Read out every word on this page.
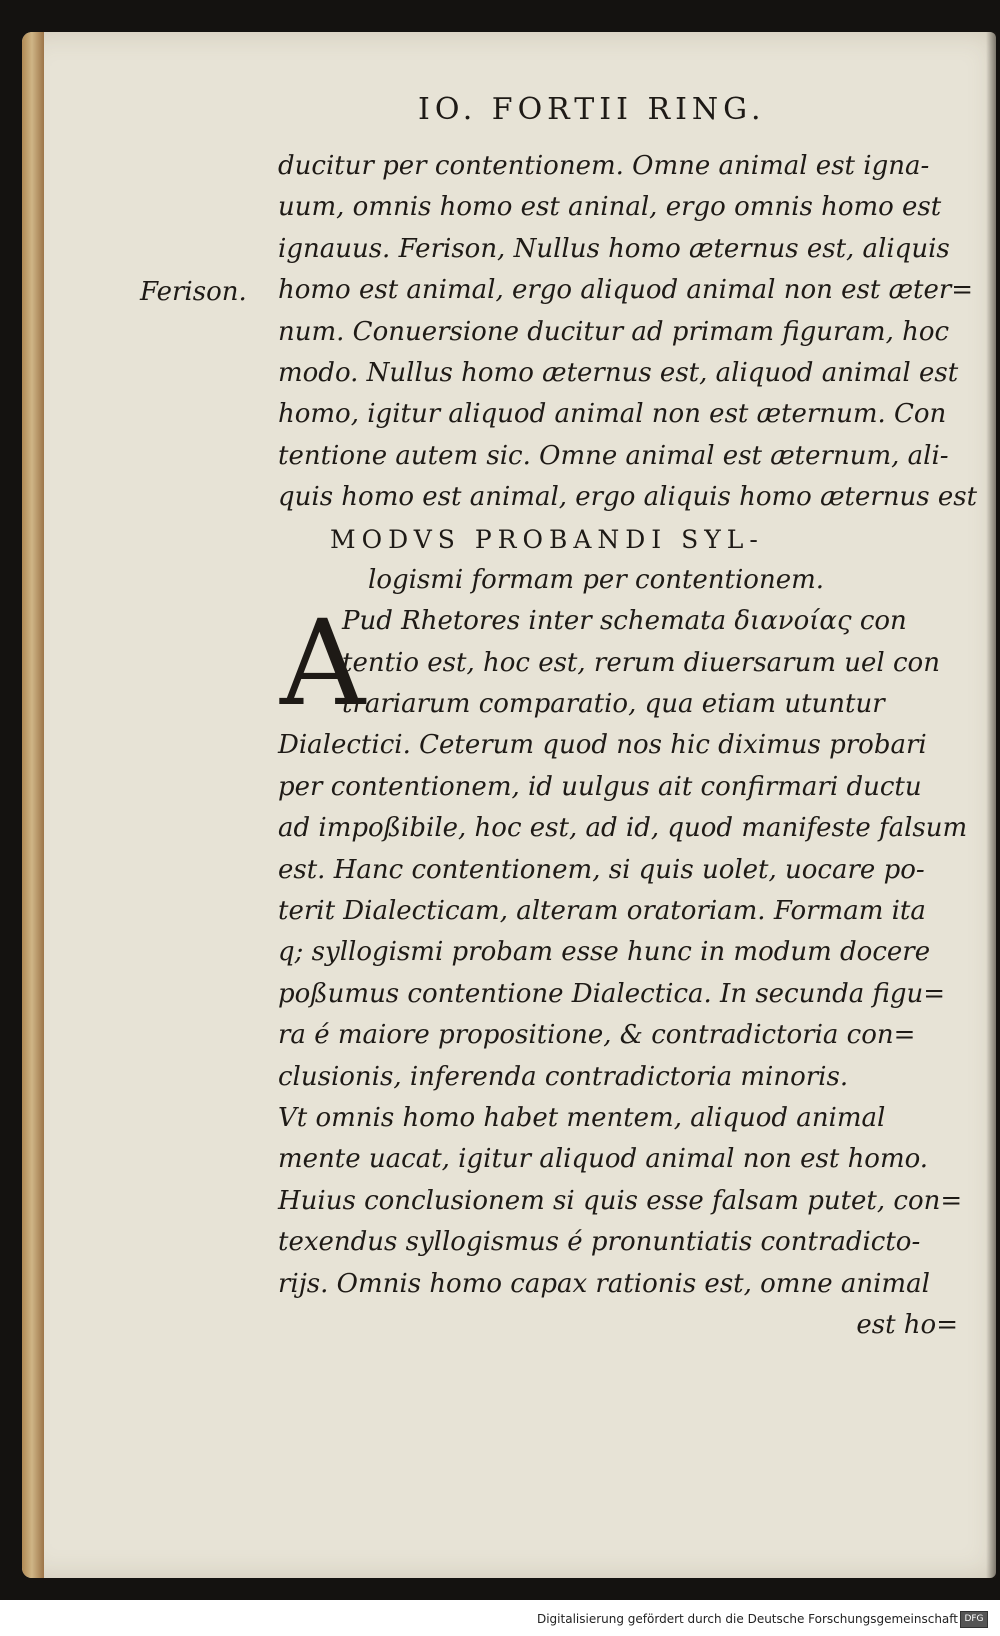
IO. FORTII RING.
Ferison.
A
ducitur per contentionem. Omne animal est igna-
uum, omnis homo est aninal, ergo omnis homo est
ignauus. Ferison, Nullus homo æternus est, aliquis
homo est animal, ergo aliquod animal non est æter=
num. Conuersione ducitur ad primam figuram, hoc
modo. Nullus homo æternus est, aliquod animal est
homo, igitur aliquod animal non est æternum. Con
tentione autem sic. Omne animal est æternum, ali-
quis homo est animal, ergo aliquis homo æternus est
MODVS PROBANDI SYL-
logismi formam per contentionem.
Pud Rhetores inter schemata διανοίας con
tentio est, hoc est, rerum diuersarum uel con
trariarum comparatio, qua etiam utuntur
Dialectici. Ceterum quod nos hic diximus probari
per contentionem, id uulgus ait confirmari ductu
ad impoßibile, hoc est, ad id, quod manifeste falsum
est. Hanc contentionem, si quis uolet, uocare po-
terit Dialecticam, alteram oratoriam. Formam ita
q; syllogismi probam esse hunc in modum docere
poßumus contentione Dialectica. In secunda figu=
ra é maiore propositione, & contradictoria con=
clusionis, inferenda contradictoria minoris.
Vt omnis homo habet mentem, aliquod animal
mente uacat, igitur aliquod animal non est homo.
Huius conclusionem si quis esse falsam putet, con=
texendus syllogismus é pronuntiatis contradicto-
rijs. Omnis homo capax rationis est, omne animal
est ho=
Digitalisierung gefördert durch die Deutsche Forschungsgemeinschaft DFG
